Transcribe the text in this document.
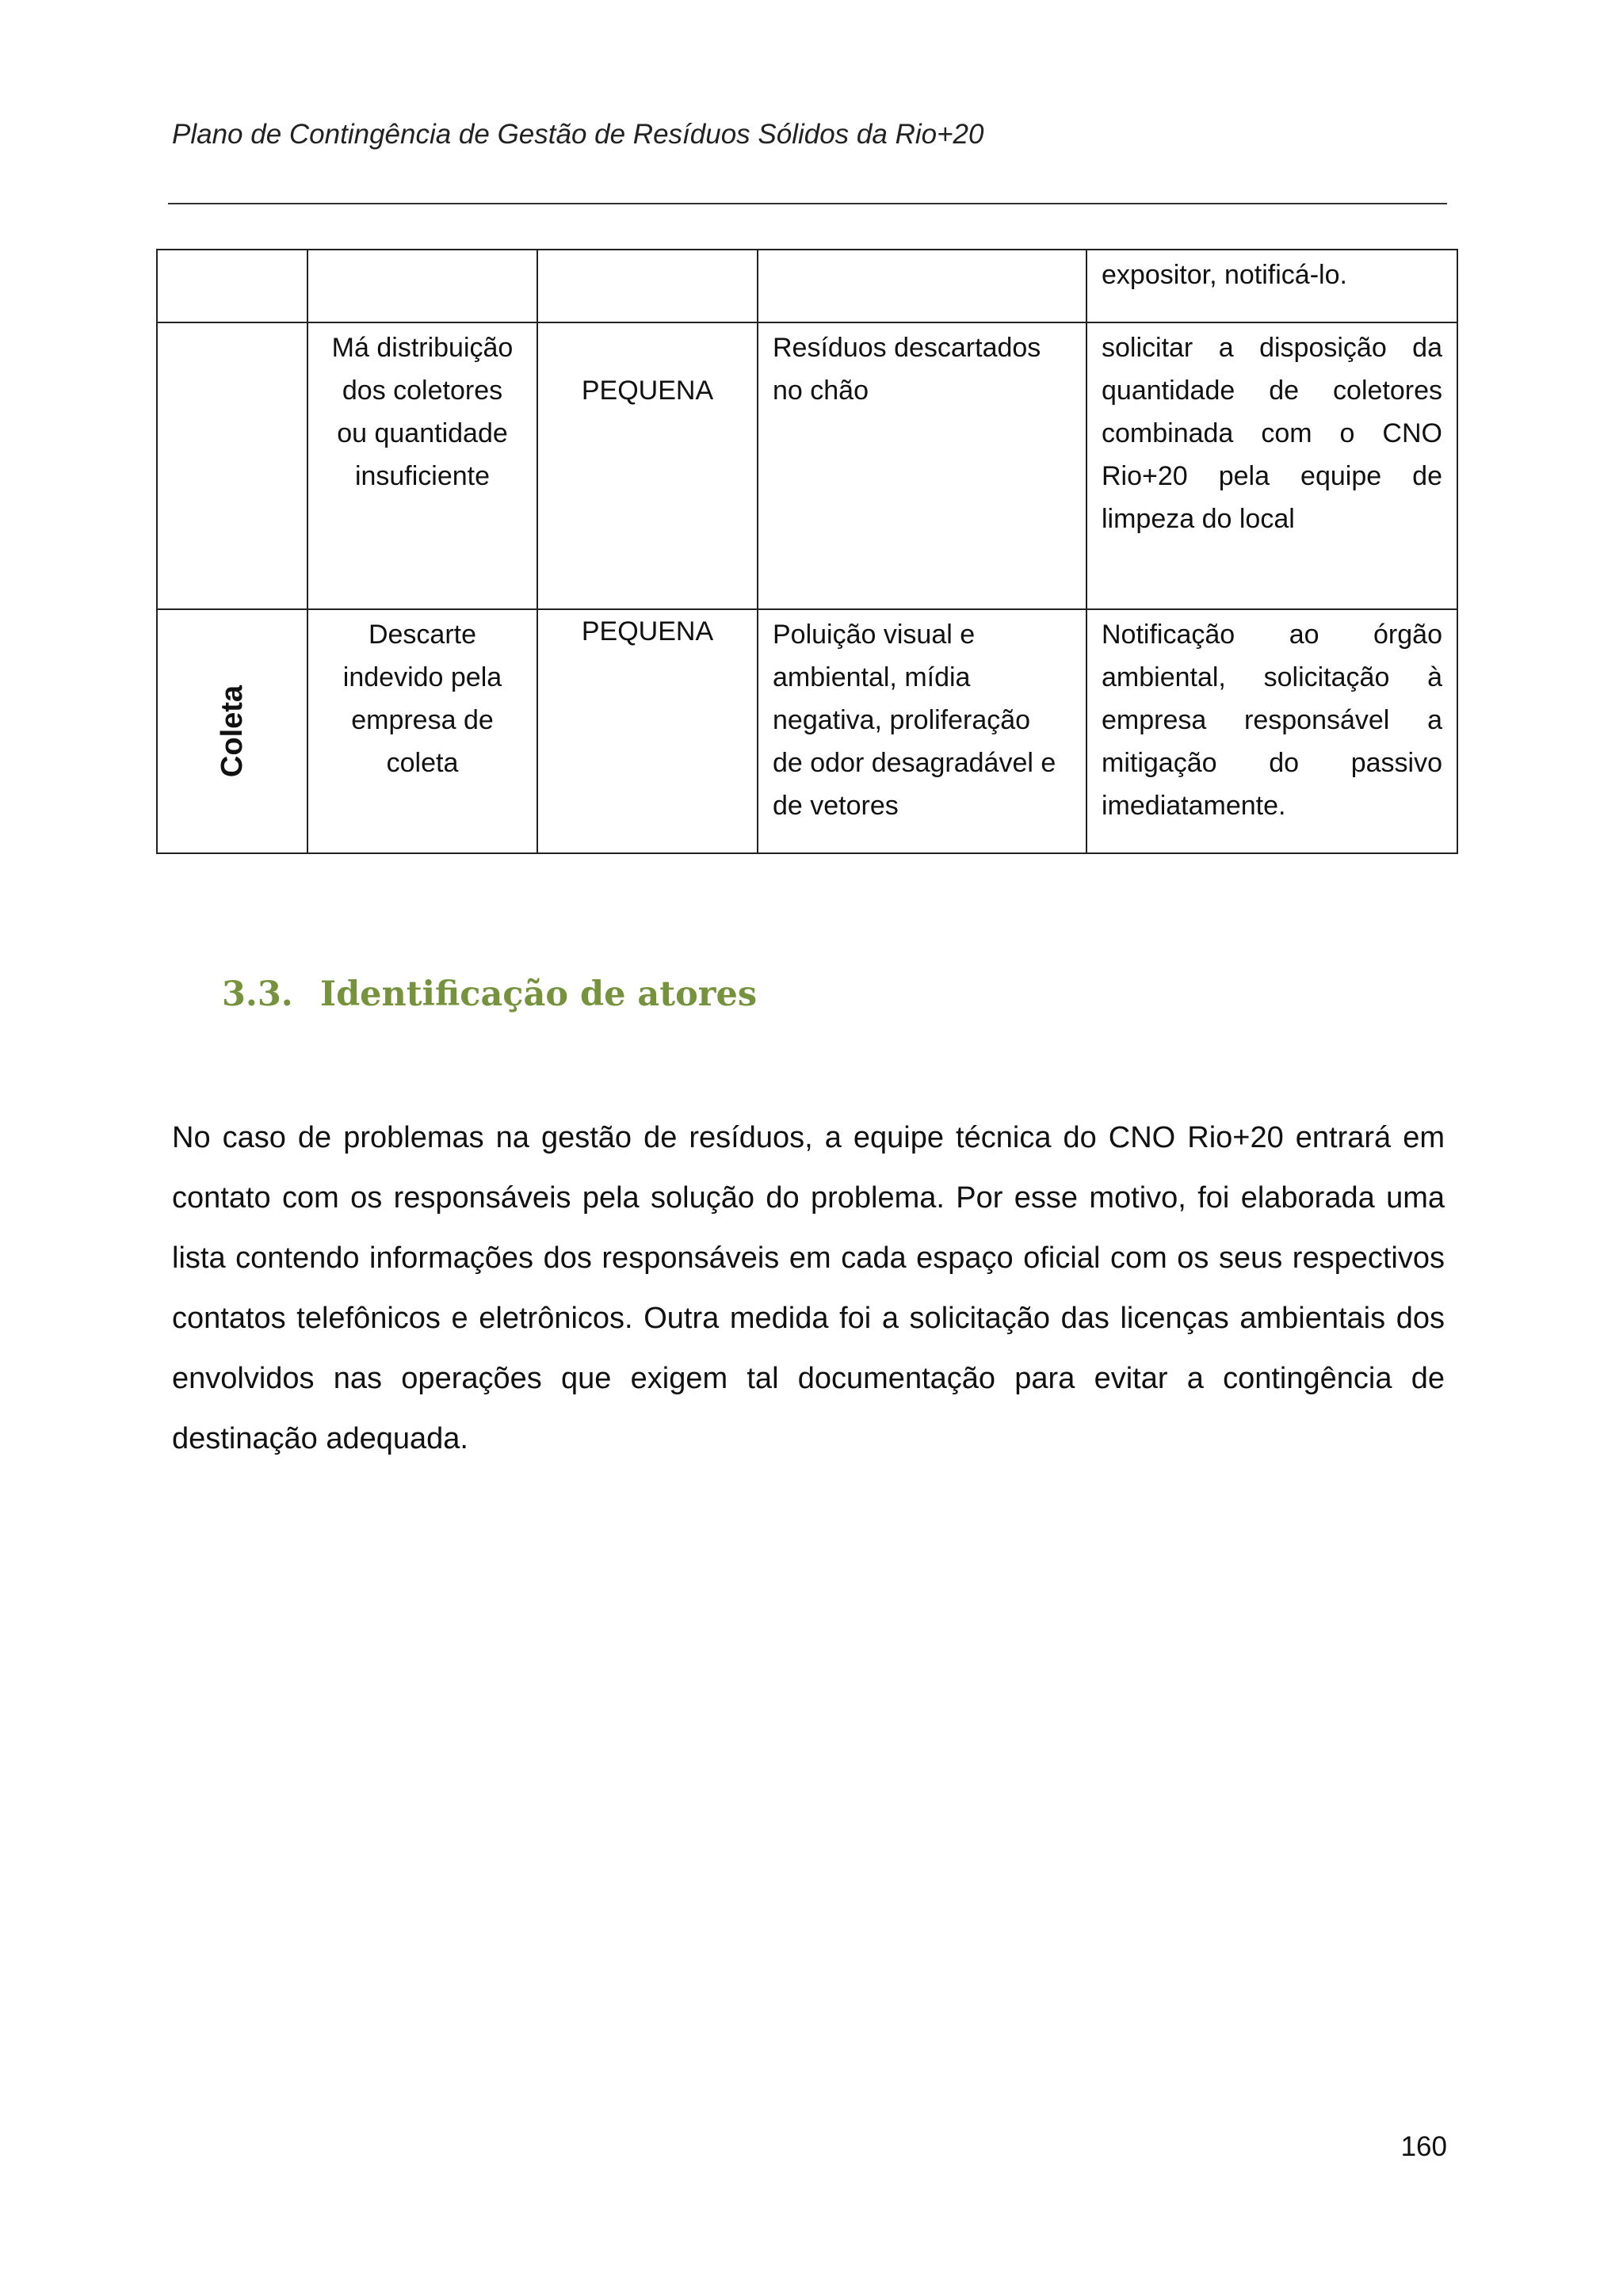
Plano de Contingência de Gestão de Resíduos Sólidos da Rio+20
				expositor, notificá-lo.

	Má distribuição
dos coletores
ou quantidade
insuficiente	PEQUENA	Resíduos descartados
no chão	solicitar a disposição da quantidade de coletores combinada com o CNO Rio+20 pela equipe de limpeza do local

Coleta	Descarte
indevido pela
empresa de
coleta	PEQUENA	Poluição visual e
ambiental, mídia
negativa, proliferação
de odor desagradável e
de vetores	Notificação ao órgão ambiental, solicitação à empresa responsável a mitigação do passivo imediatamente.
3.3. Identificação de atores
No caso de problemas na gestão de resíduos, a equipe técnica do CNO Rio+20 entrará em contato com os responsáveis pela solução do problema. Por esse motivo, foi elaborada uma lista contendo informações dos responsáveis em cada espaço oficial com os seus respectivos contatos telefônicos e eletrônicos. Outra medida foi a solicitação das licenças ambientais dos envolvidos nas operações que exigem tal documentação para evitar a contingência de destinação adequada.
160
